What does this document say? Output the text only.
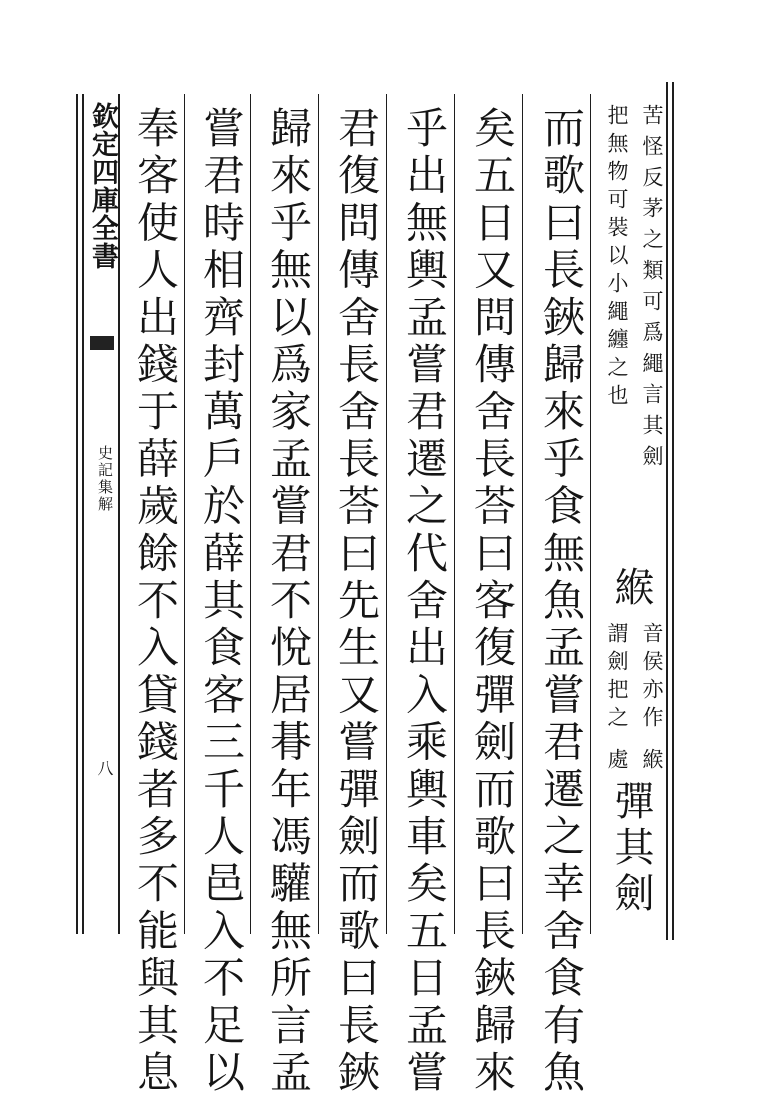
欽定四庫全書
史記集解
八
苦怪反茅之類可爲繩言其劍
把無物可裝以小繩纏之也
緱
音侯亦作
謂劍把之
緱
處
彈其劍
而歌曰長鋏歸來乎食無魚孟嘗君遷之幸舍食有魚
矣五日又問傳舍長荅曰客復彈劍而歌曰長鋏歸來
乎出無輿孟嘗君遷之代舍出入乘輿車矣五日孟嘗
君復問傳舍長舍長荅曰先生又嘗彈劍而歌曰長鋏
歸來乎無以爲家孟嘗君不悅居朞年馮驩無所言孟
嘗君時相齊封萬戶於薛其食客三千人邑入不足以
奉客使人出錢于薛歲餘不入貸錢者多不能與其息
